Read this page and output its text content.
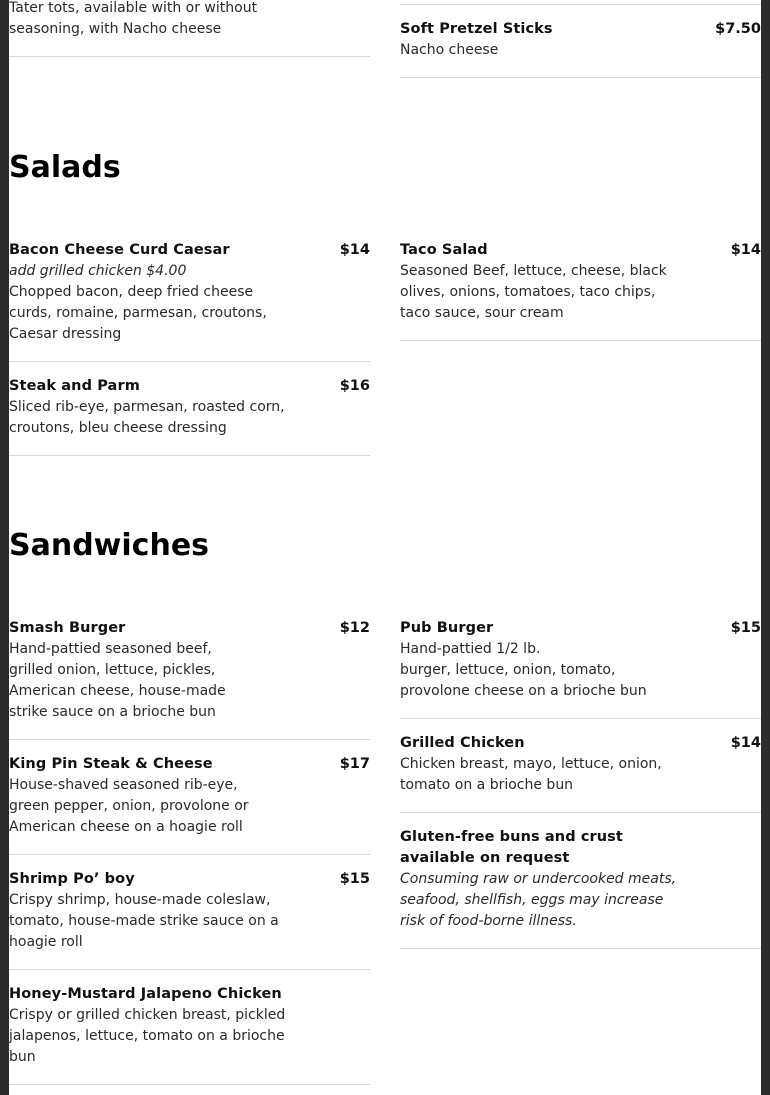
Tater tots, available with or without seasoning, with Nacho cheese	Soft Pretzel Sticks	$7.50
Nacho cheese
Salads
Bacon Cheese Curd Caesar	$14
add grilled chicken $4.00
Chopped bacon, deep fried cheese curds, romaine, parmesan, croutons, Caesar dressing
Taco Salad	$14
Seasoned Beef, lettuce, cheese, black olives, onions, tomatoes, taco chips, taco sauce, sour cream
Steak and Parm	$16
Sliced rib-eye, parmesan, roasted corn, croutons, bleu cheese dressing
Sandwiches
Smash Burger	$12
Hand-pattied seasoned beef, grilled onion, lettuce, pickles, American cheese, house-made strike sauce on a brioche bun
Pub Burger	$15
Hand-pattied 1/2 lb.
burger, lettuce, onion, tomato, provolone cheese on a brioche bun
Grilled Chicken	$14
Chicken breast, mayo, lettuce, onion, tomato on a brioche bun
King Pin Steak & Cheese	$17
House-shaved seasoned rib-eye, green pepper, onion, provolone or American cheese on a hoagie roll
Gluten-free buns and crust available on request
Consuming raw or undercooked meats, seafood, shellfish, eggs may increase risk of food-borne illness.
Shrimp Po’ boy	$15
Crispy shrimp, house-made coleslaw, tomato, house-made strike sauce on a hoagie roll
Honey-Mustard Jalapeno Chicken
Crispy or grilled chicken breast, pickled jalapenos, lettuce, tomato on a brioche bun
